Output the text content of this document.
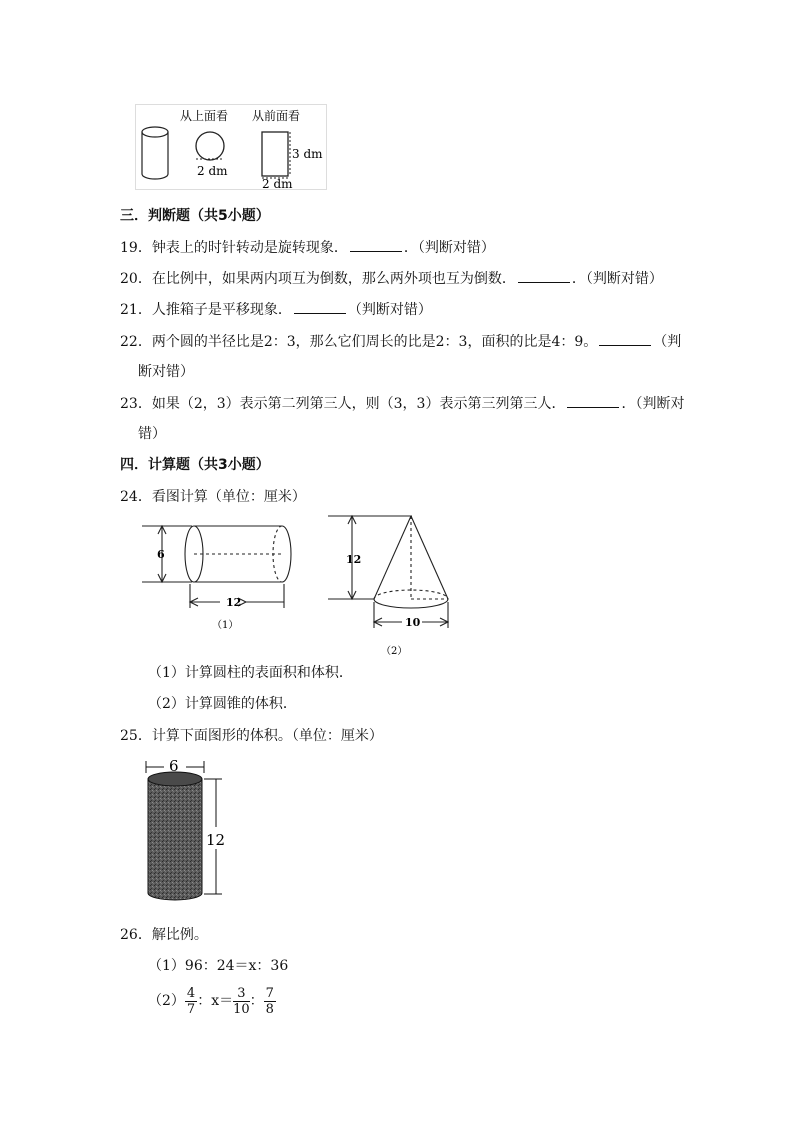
从上面看 从前面看
2 dm
2 dm
3 dm
三．判断题（共5小题）
19．钟表上的时针转动是旋转现象．	．（判断对错）
20．在比例中，如果两内项互为倒数，那么两外项也互为倒数．	．（判断对错）
21．人推箱子是平移现象．	（判断对错）
22．两个圆的半径比是2：3，那么它们周长的比是2：3，面积的比是4：9。	（判
断对错）
23．如果（2，3）表示第二列第三人，则（3，3）表示第三列第三人．	．（判断对
错）
四．计算题（共3小题）
24．看图计算（单位：厘米）
6
12
（1）
12
10
（2）
（1）计算圆柱的表面积和体积．
（2）计算圆锥的体积．
25．计算下面图形的体积。（单位：厘米）
6
12
26．解比例。
（1）96：24＝x：36
$(2) \frac{4}{7}$ ：$x= \frac{3}{10}$ ： $\frac{7}{8}$
